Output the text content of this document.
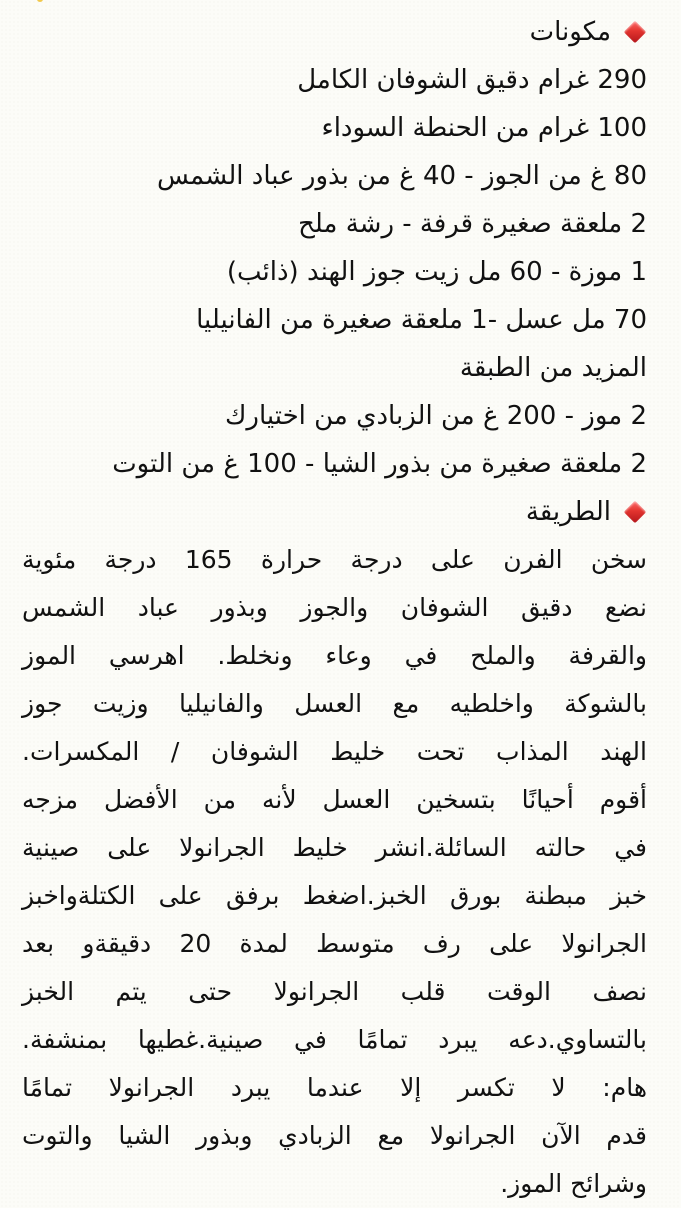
مكونات
290 غرام دقيق الشوفان الكامل
100 غرام من الحنطة السوداء
80 غ من الجوز - 40 غ من بذور عباد الشمس
2 ملعقة صغيرة قرفة - رشة ملح
1 موزة - 60 مل زيت جوز الهند (ذائب)
70 مل عسل -1 ملعقة صغيرة من الفانيليا
المزيد من الطبقة
2 موز - 200 غ من الزبادي من اختيارك
2 ملعقة صغيرة من بذور الشيا - 100 غ من التوت
الطريقة
سخن الفرن على درجة حرارة 165 درجة مئوية
نضع دقيق الشوفان والجوز وبذور عباد الشمس
والقرفة والملح في وعاء ونخلط. اهرسي الموز
بالشوكة واخلطيه مع العسل والفانيليا وزيت جوز
الهند المذاب تحت خليط الشوفان / المكسرات.
أقوم أحيانًا بتسخين العسل لأنه من الأفضل مزجه
في حالته السائلة.انشر خليط الجرانولا على صينية
خبز مبطنة بورق الخبز.اضغط برفق على الكتلةواخبز
الجرانولا على رف متوسط لمدة 20 دقيقةو بعد
نصف الوقت قلب الجرانولا حتى يتم الخبز
بالتساوي.دعه يبرد تمامًا في صينية.غطيها بمنشفة.
هام: لا تكسر إلا عندما يبرد الجرانولا تمامًا
قدم الآن الجرانولا مع الزبادي وبذور الشيا والتوت
وشرائح الموز.
